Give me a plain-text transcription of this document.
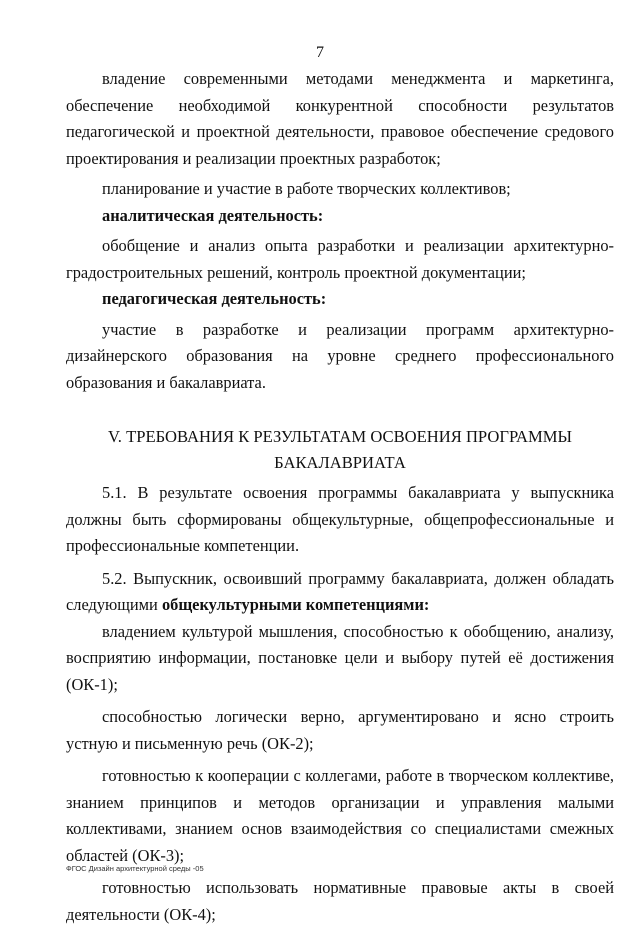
7

владение современными методами менеджмента и маркетинга, обеспечение необходимой конкурентной способности результатов педагогической и проектной деятельности, правовое обеспечение средового проектирования и реализации проектных разработок;

планирование и участие в работе творческих коллективов;

аналитическая деятельность:

обобщение и анализ опыта разработки и реализации архитектурно-градостроительных решений, контроль проектной документации;

педагогическая деятельность:

участие в разработке и реализации программ архитектурно-дизайнерского образования на уровне среднего профессионального образования и бакалавриата.

V. ТРЕБОВАНИЯ К РЕЗУЛЬТАТАМ ОСВОЕНИЯ ПРОГРАММЫ
БАКАЛАВРИАТА

5.1. В результате освоения программы бакалавриата у выпускника должны быть сформированы общекультурные, общепрофессиональные и профессиональные компетенции.

5.2. Выпускник, освоивший программу бакалавриата, должен обладать следующими общекультурными компетенциями:

владением культурой мышления, способностью к обобщению, анализу, восприятию информации, постановке цели и выбору путей её достижения (ОК-1);

способностью логически верно, аргументировано и ясно строить устную и письменную речь (ОК-2);

готовностью к кооперации с коллегами, работе в творческом коллективе, знанием принципов и методов организации и управления малыми коллективами, знанием основ взаимодействия со специалистами смежных областей (ОК-3);

готовностью использовать нормативные правовые акты в своей деятельности (ОК-4);

ФГОС Дизайн архитектурной среды -05
